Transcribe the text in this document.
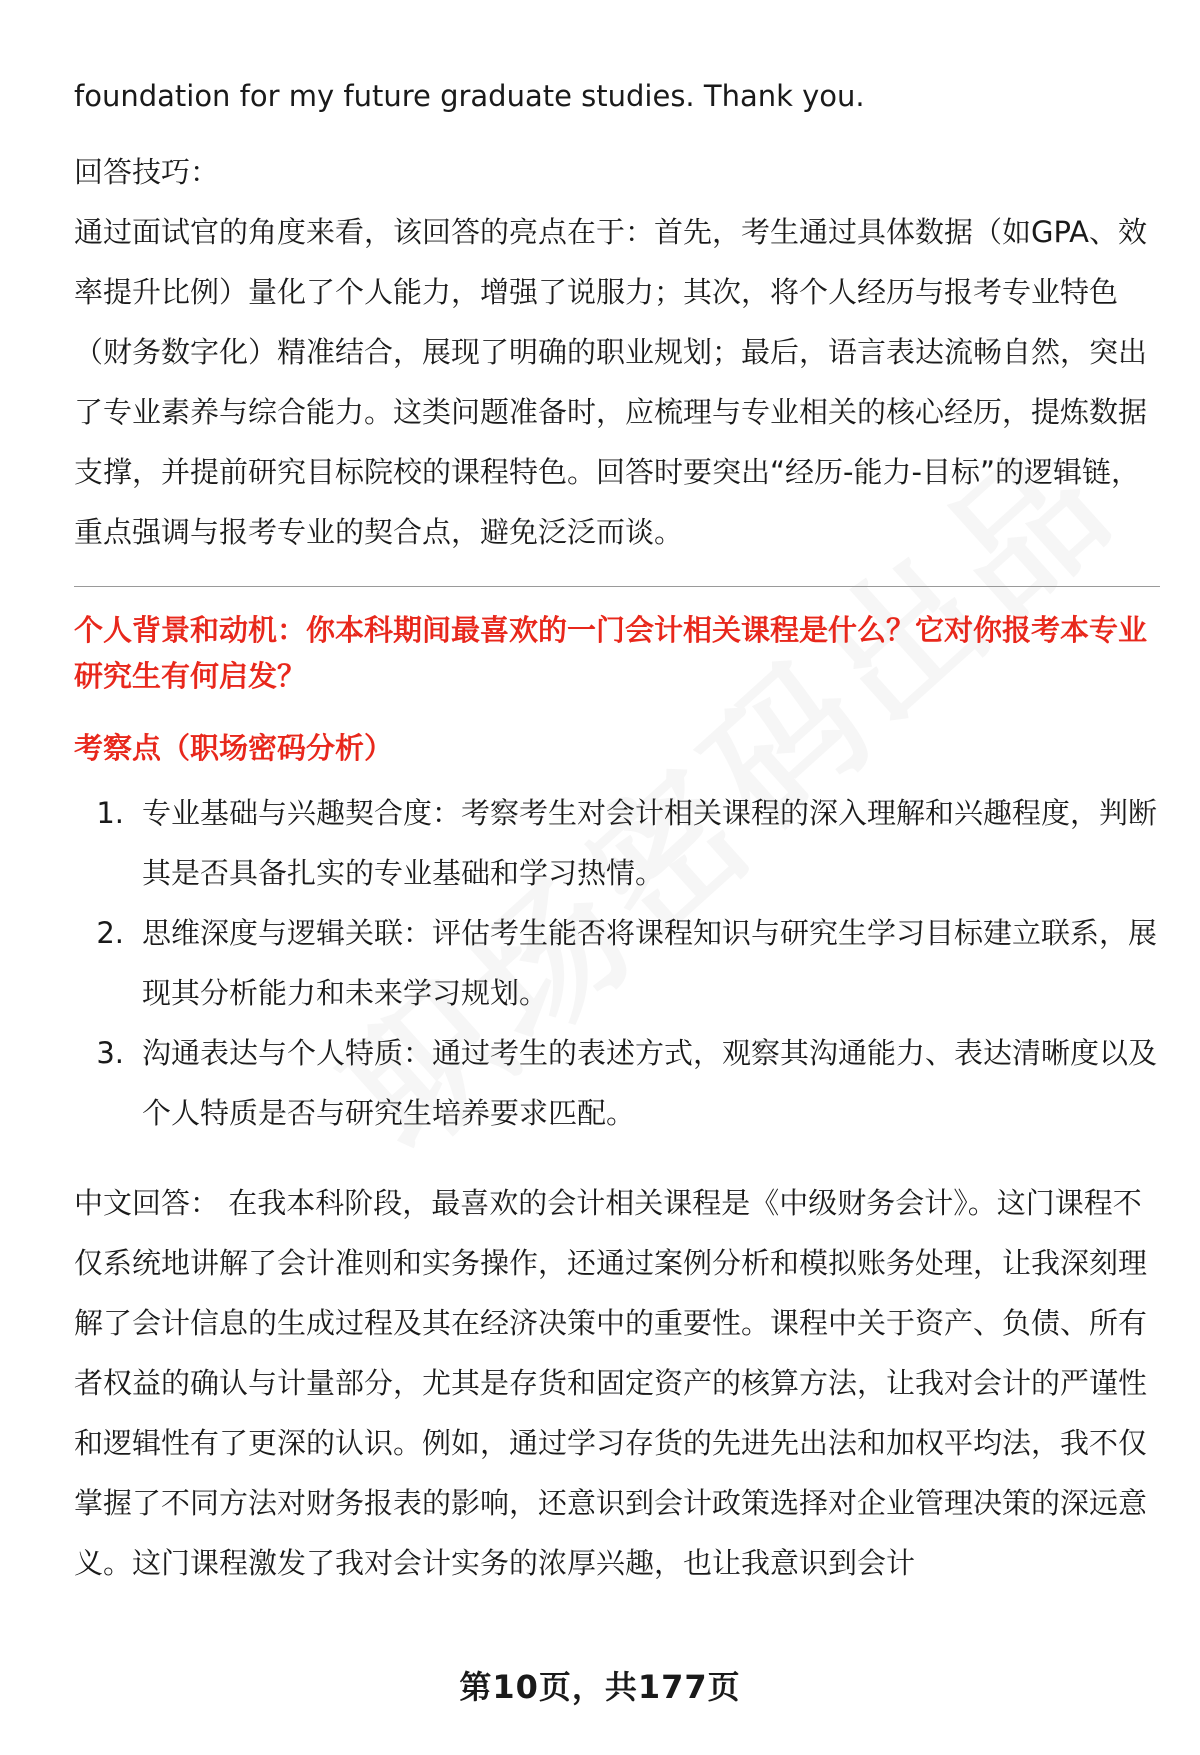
foundation for my future graduate studies. Thank you.

回答技巧：

通过面试官的角度来看，该回答的亮点在于：首先，考生通过具体数据（如GPA、效率提升比例）量化了个人能力，增强了说服力；其次，将个人经历与报考专业特色（财务数字化）精准结合，展现了明确的职业规划；最后，语言表达流畅自然，突出了专业素养与综合能力。这类问题准备时，应梳理与专业相关的核心经历，提炼数据支撑，并提前研究目标院校的课程特色。回答时要突出“经历-能力-目标”的逻辑链，重点强调与报考专业的契合点，避免泛泛而谈。

个人背景和动机：你本科期间最喜欢的一门会计相关课程是什么？它对你报考本专业研究生有何启发？

考察点（职场密码分析）

1. 专业基础与兴趣契合度：考察考生对会计相关课程的深入理解和兴趣程度，判断其是否具备扎实的专业基础和学习热情。
2. 思维深度与逻辑关联：评估考生能否将课程知识与研究生学习目标建立联系，展现其分析能力和未来学习规划。
3. 沟通表达与个人特质：通过考生的表述方式，观察其沟通能力、表达清晰度以及个人特质是否与研究生培养要求匹配。

中文回答： 在我本科阶段，最喜欢的会计相关课程是《中级财务会计》。这门课程不仅系统地讲解了会计准则和实务操作，还通过案例分析和模拟账务处理，让我深刻理解了会计信息的生成过程及其在经济决策中的重要性。课程中关于资产、负债、所有者权益的确认与计量部分，尤其是存货和固定资产的核算方法，让我对会计的严谨性和逻辑性有了更深的认识。例如，通过学习存货的先进先出法和加权平均法，我不仅掌握了不同方法对财务报表的影响，还意识到会计政策选择对企业管理决策的深远意义。这门课程激发了我对会计实务的浓厚兴趣，也让我意识到会计

第10页，共177页
